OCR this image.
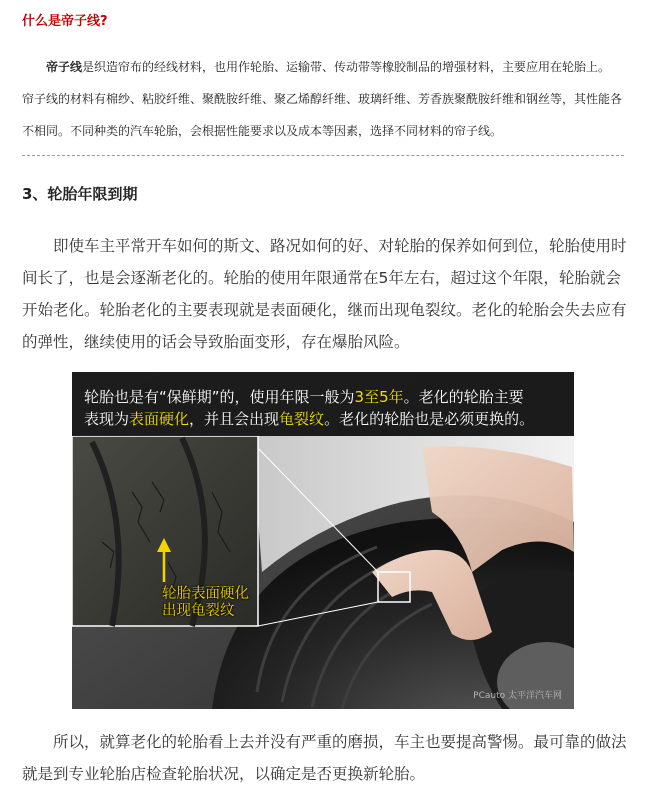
什么是帝子线?
帝子线是织造帘布的经线材料，也用作轮胎、运输带、传动带等橡胶制品的增强材料，主要应用在轮胎上。
帘子线的材料有棉纱、粘胶纤维、聚酰胺纤维、聚乙烯醇纤维、玻璃纤维、芳香族聚酰胺纤维和钢丝等，其性能各
不相同。不同种类的汽车轮胎，会根据性能要求以及成本等因素，选择不同材料的帘子线。
3、轮胎年限到期
即使车主平常开车如何的斯文、路况如何的好、对轮胎的保养如何到位，轮胎使用时间长了，也是会逐渐老化的。轮胎的使用年限通常在5年左右，超过这个年限，轮胎就会开始老化。轮胎老化的主要表现就是表面硬化，继而出现龟裂纹。老化的轮胎会失去应有的弹性，继续使用的话会导致胎面变形，存在爆胎风险。
轮胎也是有“保鲜期”的，使用年限一般为3至5年。老化的轮胎主要
表现为表面硬化，并且会出现龟裂纹。老化的轮胎也是必须更换的。
轮胎表面硬化
出现龟裂纹
PCauto 太平洋汽车网
所以，就算老化的轮胎看上去并没有严重的磨损，车主也要提高警惕。最可靠的做法就是到专业轮胎店检查轮胎状况，以确定是否更换新轮胎。
